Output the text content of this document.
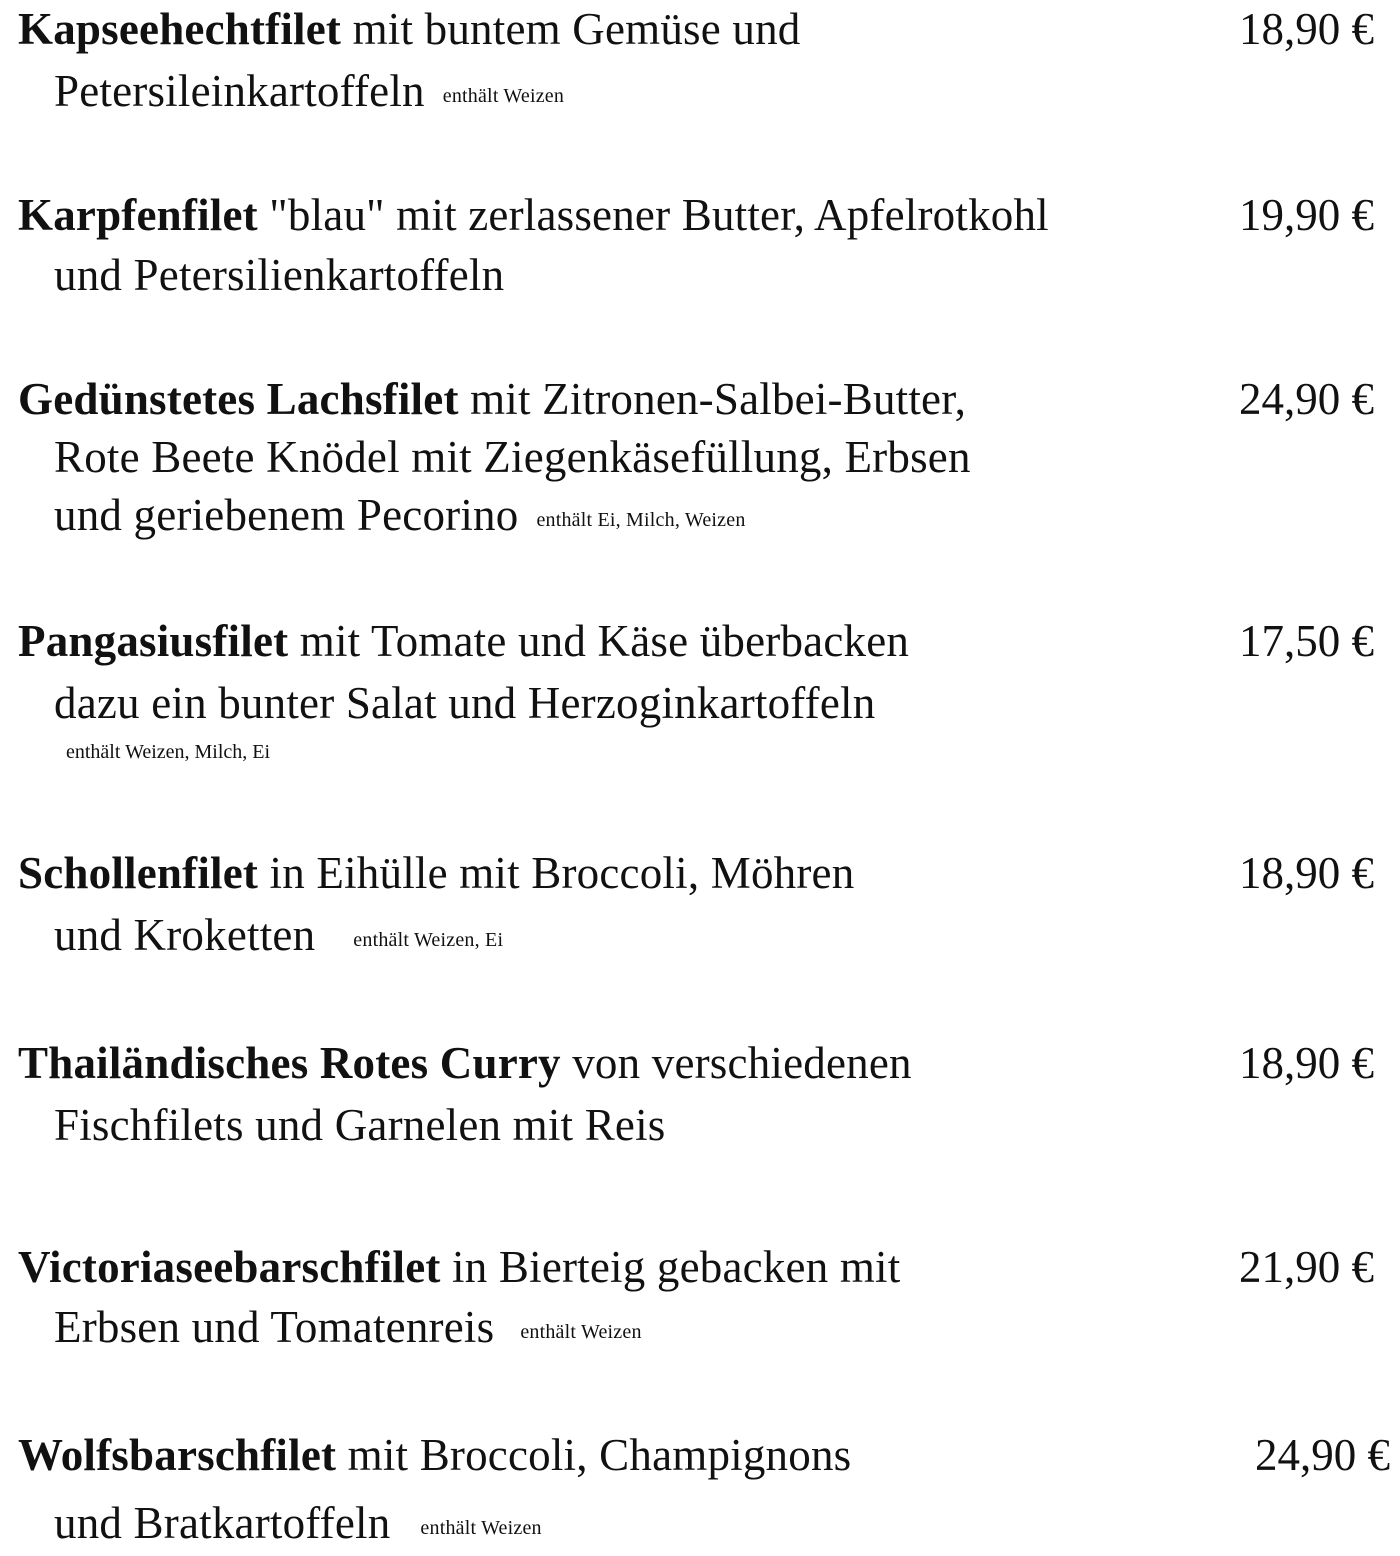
Kapseehechtfilet mit buntem Gemüse und
Petersileinkartoffeln enthält Weizen
18,90 €
Karpfenfilet "blau" mit zerlassener Butter, Apfelrotkohl
und Petersilienkartoffeln
19,90 €
Gedünstetes Lachsfilet mit Zitronen-Salbei-Butter,
Rote Beete Knödel mit Ziegenkäsefüllung, Erbsen
und geriebenem Pecorino enthält Ei, Milch, Weizen
24,90 €
Pangasiusfilet mit Tomate und Käse überbacken
dazu ein bunter Salat und Herzoginkartoffeln
enthält Weizen, Milch, Ei
17,50 €
Schollenfilet in Eihülle mit Broccoli, Möhren
und Kroketten enthält Weizen, Ei
18,90 €
Thailändisches Rotes Curry von verschiedenen
Fischfilets und Garnelen mit Reis
18,90 €
Victoriaseebarschfilet in Bierteig gebacken mit
Erbsen und Tomatenreis enthält Weizen
21,90 €
Wolfsbarschfilet mit Broccoli, Champignons
und Bratkartoffeln enthält Weizen
24,90 €
